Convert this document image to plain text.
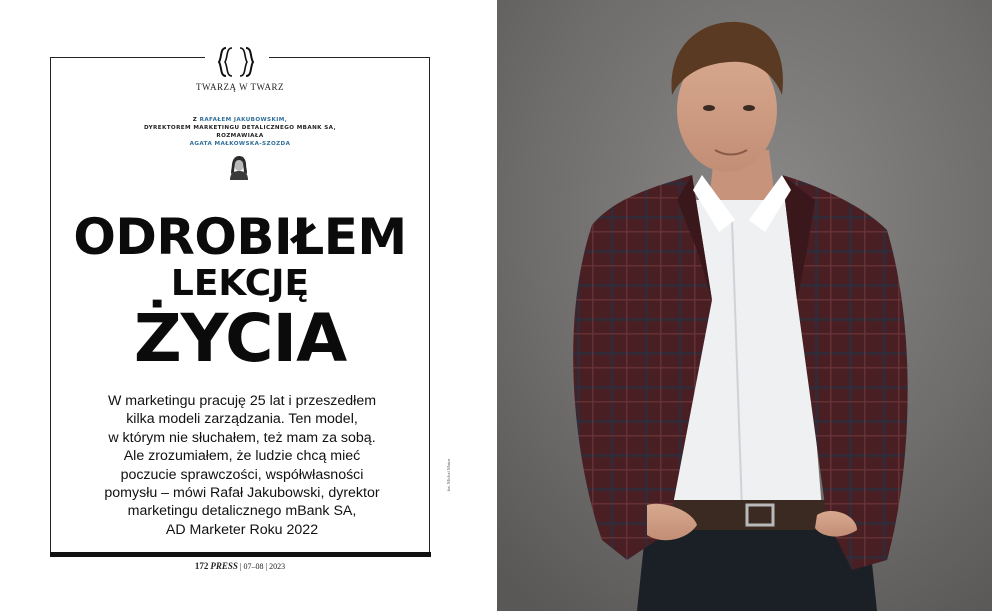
TWARZĄ W TWARZ
Z RAFAŁEM JAKUBOWSKIM,
DYREKTOREM MARKETINGU DETALICZNEGO MBANK SA,
ROZMAWIAŁA
AGATA MAŁKOWSKA-SZOZDA
ODROBIŁEM
LEKCJĘ
ŻYCIA
W marketingu pracuję 25 lat i przeszedłem
kilka modeli zarządzania. Ten model,
w którym nie słuchałem, też mam za sobą.
Ale zrozumiałem, że ludzie chcą mieć
poczucie sprawczości, współwłasności
pomysłu – mówi Rafał Jakubowski, dyrektor
marketingu detalicznego mBank SA,
AD Marketer Roku 2022
172 PRESS | 07–08 | 2023
fot. Michał Mutor
